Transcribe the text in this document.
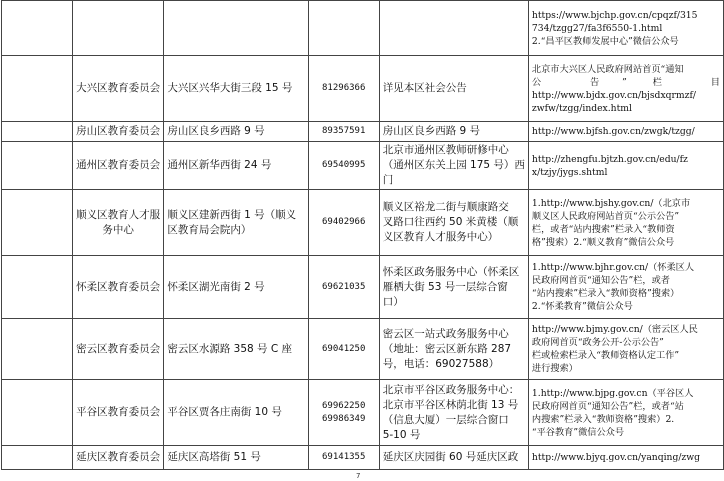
					https://www.bjchp.gov.cn/cpqzf/315
734/tzgg27/fa3f6550-1.html
2.“昌平区教师发展中心”微信公众号

	大兴区教育委员会	大兴区兴华大街三段 15 号	81296366	详见本区社会公告	北京市大兴区人民政府网站首页“通知
公 告” 栏 目
http://www.bjdx.gov.cn/bjsdxqrmzf/
zwfw/tzgg/index.html

	房山区教育委员会	房山区良乡西路 9 号	89357591	房山区良乡西路 9 号	http://www.bjfsh.gov.cn/zwgk/tzgg/

	通州区教育委员会	通州区新华西街 24 号	69540995	北京市通州区教师研修中心
（通州区东关上园 175 号）西
门	http://zhengfu.bjtzh.gov.cn/edu/fz
x/tzjy/jygs.shtml

	顺义区教育人才服务中心	顺义区建新西街 1 号（顺义区教育局会院内）	69402966	顺义区裕龙二街与顺康路交
叉路口往西约 50 米黄楼（顺
义区教育人才服务中心）	1.http://www.bjshy.gov.cn/（北京市
顺义区人民政府网站首页“公示公告”
栏，或者“站内搜索”栏录入“教师资
格”搜索）2.“顺义教育”微信公众号

	怀柔区教育委员会	怀柔区湖光南街 2 号	69621035	怀柔区政务服务中心（怀柔区
雁栖大街 53 号一层综合窗
口）	1.http://www.bjhr.gov.cn/（怀柔区人
民政府网首页“通知公告”栏，或者
“站内搜索”栏录入“教师资格”搜索）
2.“怀柔教育”微信公众号

	密云区教育委员会	密云区水源路 358 号 C 座	69041250	密云区一站式政务服务中心
（地址：密云区新东路 287
号，电话：69027588）	http://www.bjmy.gov.cn/（密云区人民
政府网首页“政务公开-公示公告”
栏或检索栏录入“教师资格认定工作”
进行搜索）

	平谷区教育委员会	平谷区贾各庄南街 10 号	69962250
69986349	北京市平谷区政务服务中心：
北京市平谷区林荫北街 13 号
（信息大厦）一层综合窗口
5-10 号	1.http://www.bjpg.gov.cn（平谷区人
民政府网首页“通知公告”栏，或者“站
内搜索”栏录入“教师资格”搜索）2.
“平谷教育”微信公众号

	延庆区教育委员会	延庆区高塔街 51 号	69141355	延庆区庆园街 60 号延庆区政	http://www.bjyq.gov.cn/yanqing/zwg
7
